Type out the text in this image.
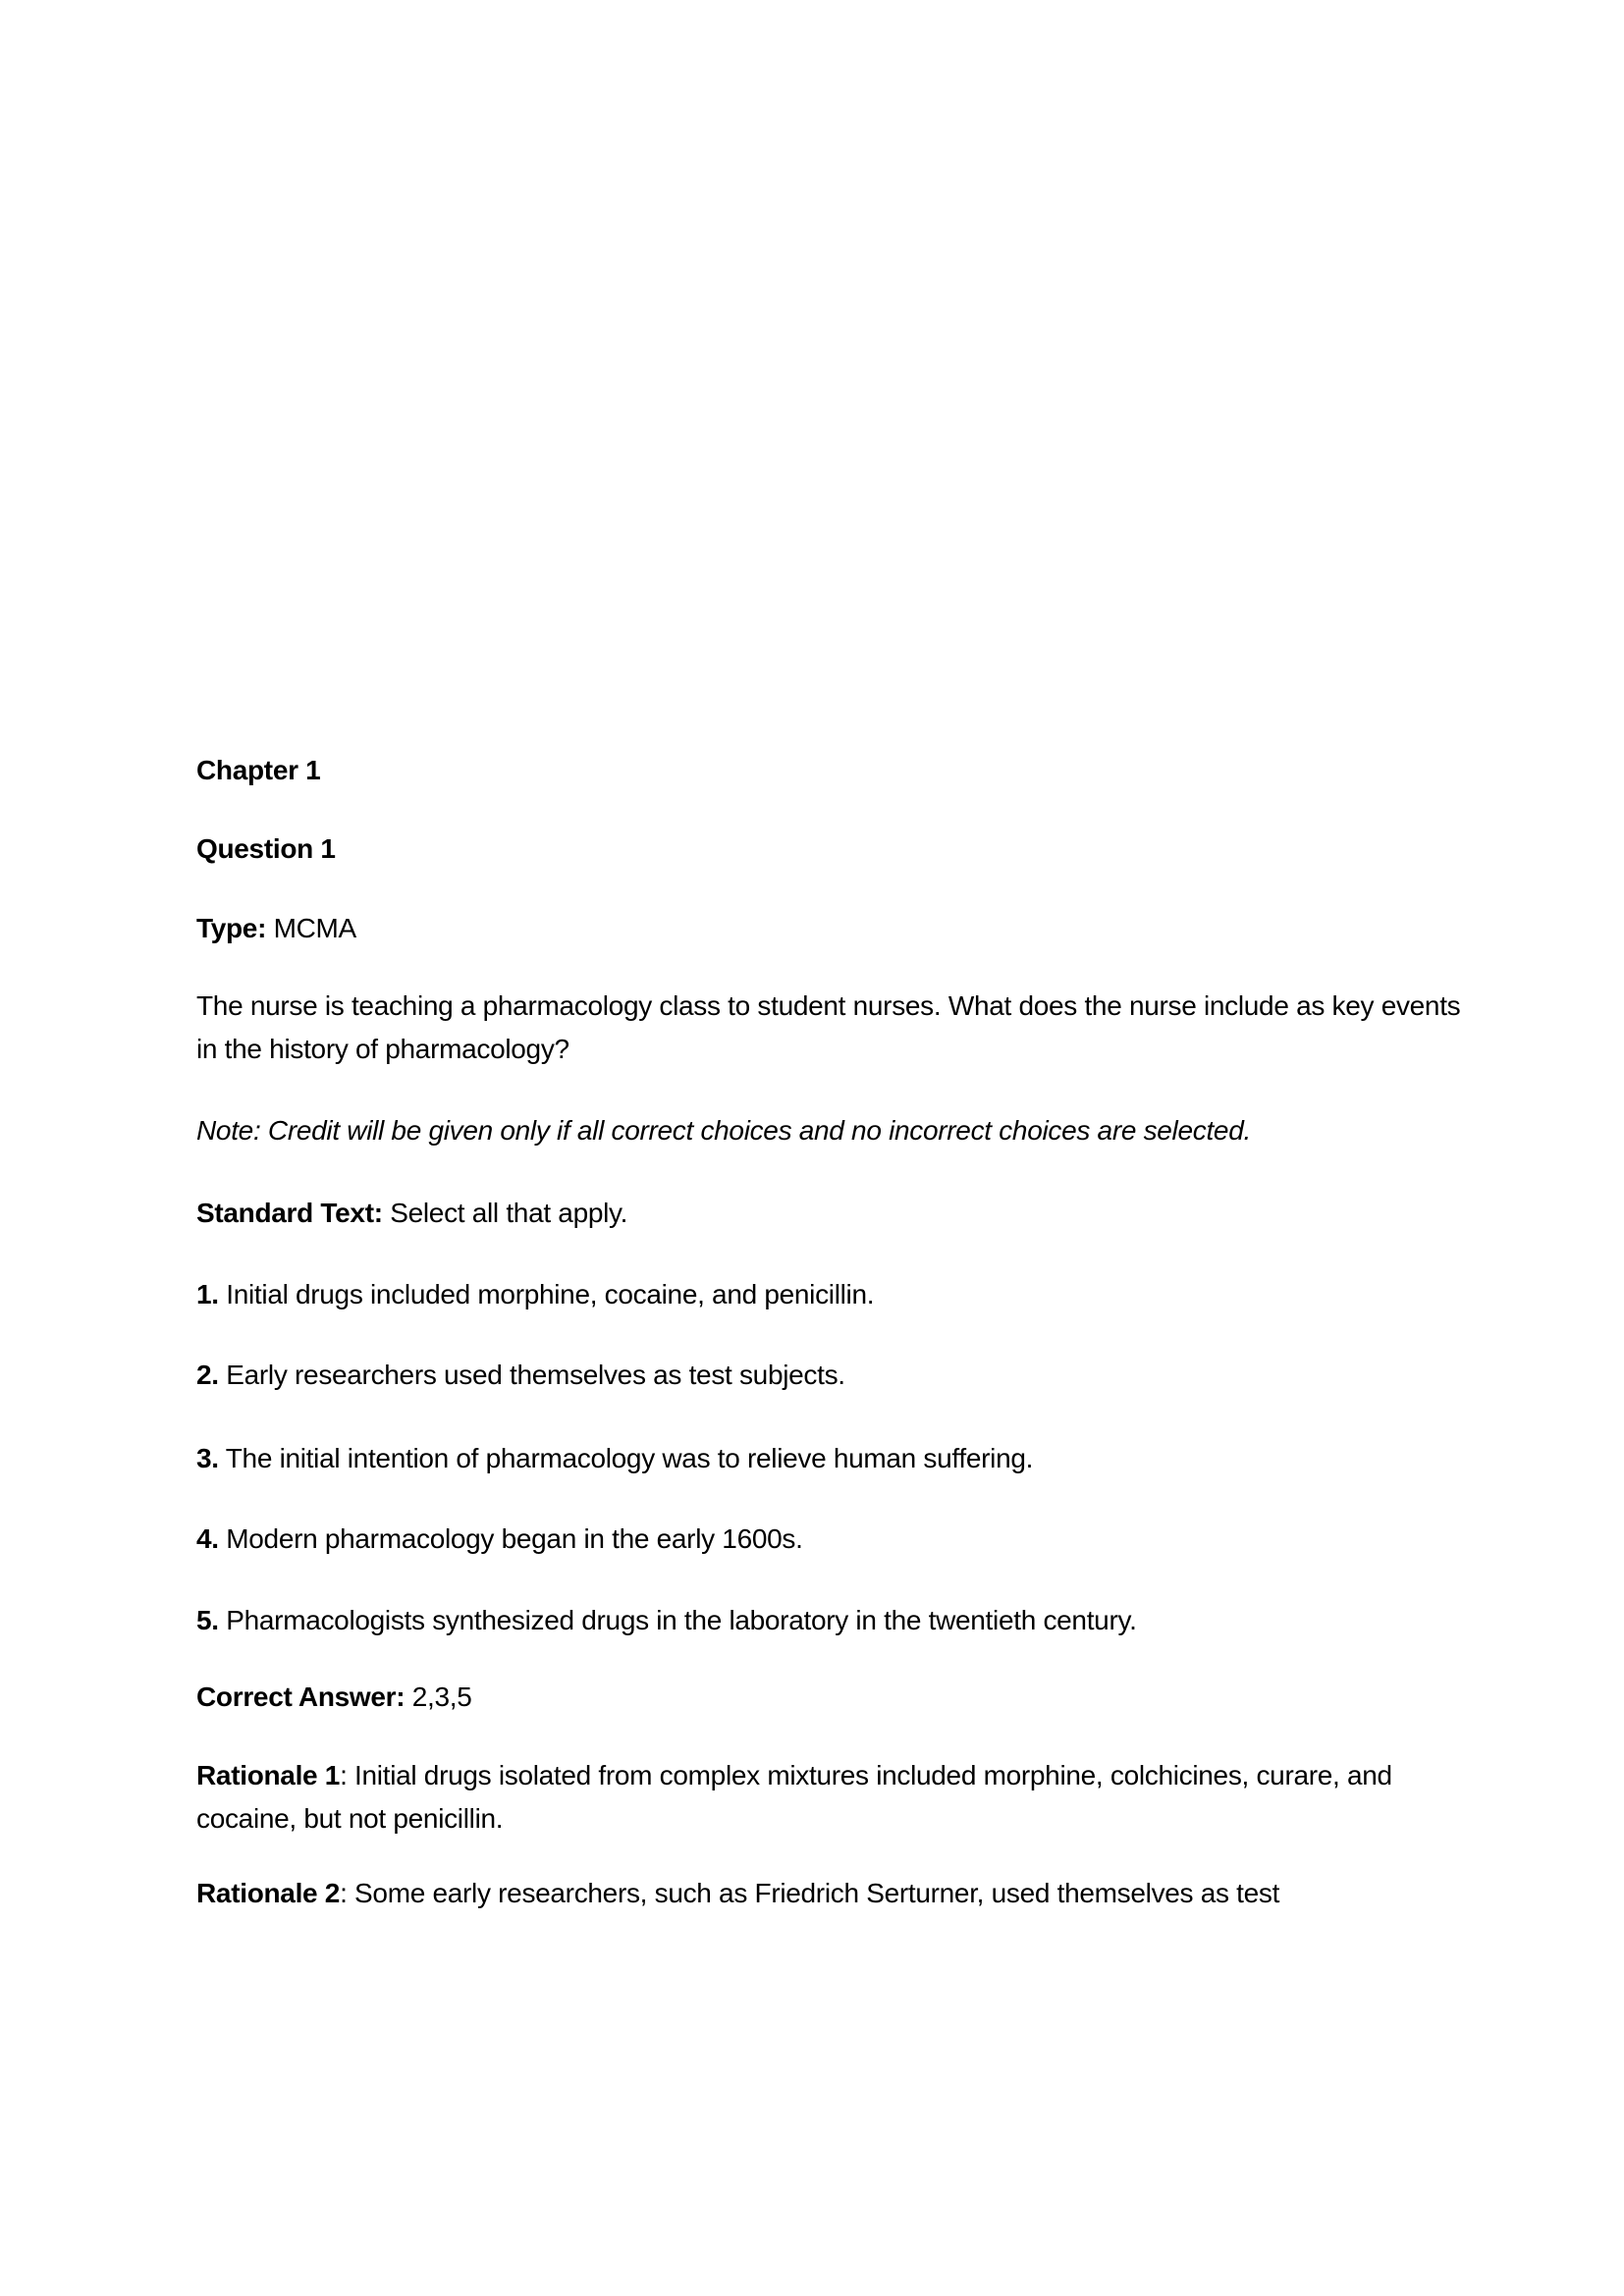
Chapter 1
Question 1
Type: MCMA
The nurse is teaching a pharmacology class to student nurses. What does the nurse include as key events in the history of pharmacology?
Note: Credit will be given only if all correct choices and no incorrect choices are selected.
Standard Text: Select all that apply.
1. Initial drugs included morphine, cocaine, and penicillin.
2. Early researchers used themselves as test subjects.
3. The initial intention of pharmacology was to relieve human suffering.
4. Modern pharmacology began in the early 1600s.
5. Pharmacologists synthesized drugs in the laboratory in the twentieth century.
Correct Answer: 2,3,5
Rationale 1: Initial drugs isolated from complex mixtures included morphine, colchicines, curare, and cocaine, but not penicillin.
Rationale 2: Some early researchers, such as Friedrich Serturner, used themselves as test
